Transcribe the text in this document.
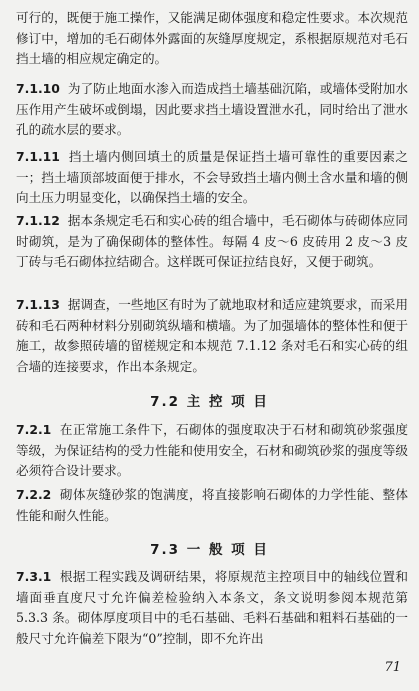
可行的，既便于施工操作，又能满足砌体强度和稳定性要求。本次规范修订中，增加的毛石砌体外露面的灰缝厚度规定，系根据原规范对毛石挡土墙的相应规定确定的。

7.1.10 为了防止地面水渗入而造成挡土墙基础沉陷，或墙体受附加水压作用产生破坏或倒塌，因此要求挡土墙设置泄水孔，同时给出了泄水孔的疏水层的要求。

7.1.11 挡土墙内侧回填土的质量是保证挡土墙可靠性的重要因素之一；挡土墙顶部坡面便于排水，不会导致挡土墙内侧土含水量和墙的侧向土压力明显变化，以确保挡土墙的安全。

7.1.12 据本条规定毛石和实心砖的组合墙中，毛石砌体与砖砌体应同时砌筑，是为了确保砌体的整体性。每隔 4 皮～6 皮砖用 2 皮～3 皮丁砖与毛石砌体拉结砌合。这样既可保证拉结良好，又便于砌筑。

7.1.13 据调查，一些地区有时为了就地取材和适应建筑要求，而采用砖和毛石两种材料分别砌筑纵墙和横墙。为了加强墙体的整体性和便于施工，故参照砖墙的留槎规定和本规范 7.1.12 条对毛石和实心砖的组合墙的连接要求，作出本条规定。

7.2 主 控 项 目

7.2.1 在正常施工条件下，石砌体的强度取决于石材和砌筑砂浆强度等级，为保证结构的受力性能和使用安全，石材和砌筑砂浆的强度等级必须符合设计要求。

7.2.2 砌体灰缝砂浆的饱满度，将直接影响石砌体的力学性能、整体性能和耐久性能。

7.3 一 般 项 目

7.3.1 根据工程实践及调研结果，将原规范主控项目中的轴线位置和墙面垂直度尺寸允许偏差检验纳入本条文，条文说明参阅本规范第 5.3.3 条。砌体厚度项目中的毛石基础、毛料石基础和粗料石基础的一般尺寸允许偏差下限为“0”控制，即不允许出

71
